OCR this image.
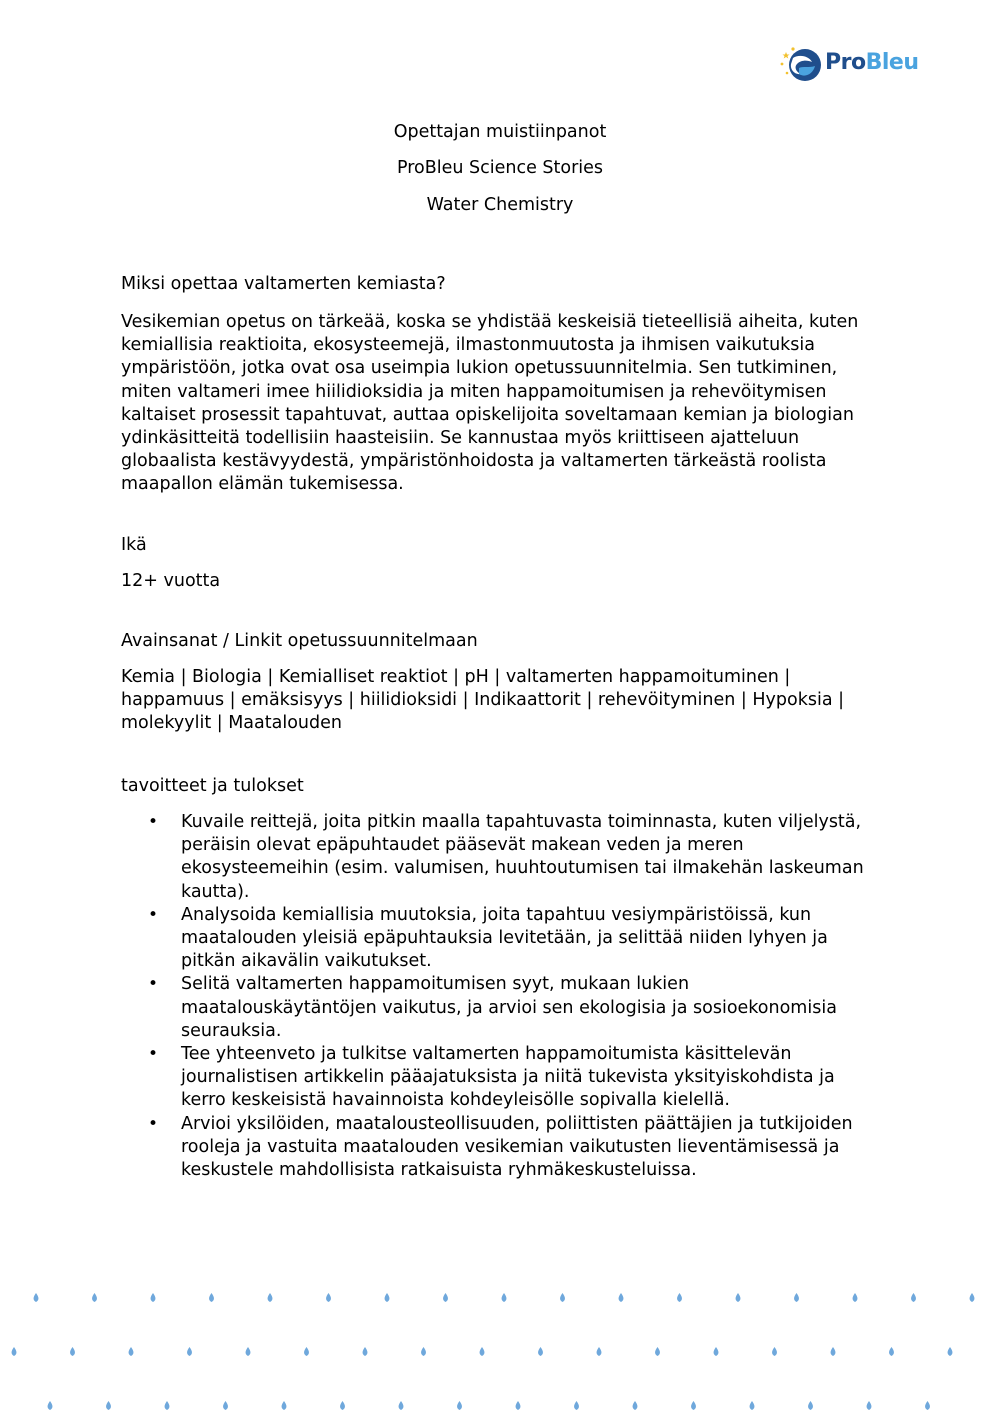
ProBleu
Opettajan muistiinpanot
ProBleu Science Stories
Water Chemistry

Miksi opettaa valtamerten kemiasta?

Vesikemian opetus on tärkeää, koska se yhdistää keskeisiä tieteellisiä aiheita, kuten kemiallisia reaktioita, ekosysteemejä, ilmastonmuutosta ja ihmisen vaikutuksia ympäristöön, jotka ovat osa useimpia lukion opetussuunnitelmia. Sen tutkiminen, miten valtameri imee hiilidioksidia ja miten happamoitumisen ja rehevöitymisen kaltaiset prosessit tapahtuvat, auttaa opiskelijoita soveltamaan kemian ja biologian ydinkäsitteitä todellisiin haasteisiin. Se kannustaa myös kriittiseen ajatteluun globaalista kestävyydestä, ympäristönhoidosta ja valtamerten tärkeästä roolista maapallon elämän tukemisessa.

Ikä

12+ vuotta

Avainsanat / Linkit opetussuunnitelmaan

Kemia | Biologia | Kemialliset reaktiot | pH | valtamerten happamoituminen | happamuus | emäksisyys | hiilidioksidi | Indikaattorit | rehevöityminen | Hypoksia | molekyylit | Maatalouden

tavoitteet ja tulokset

• Kuvaile reittejä, joita pitkin maalla tapahtuvasta toiminnasta, kuten viljelystä, peräisin olevat epäpuhtaudet pääsevät makean veden ja meren ekosysteemeihin (esim. valumisen, huuhtoutumisen tai ilmakehän laskeuman kautta).
• Analysoida kemiallisia muutoksia, joita tapahtuu vesiympäristöissä, kun maatalouden yleisiä epäpuhtauksia levitetään, ja selittää niiden lyhyen ja pitkän aikavälin vaikutukset.
• Selitä valtamerten happamoitumisen syyt, mukaan lukien maatalouskäytäntöjen vaikutus, ja arvioi sen ekologisia ja sosioekonomisia seurauksia.
• Tee yhteenveto ja tulkitse valtamerten happamoitumista käsittelevän journalistisen artikkelin pääajatuksista ja niitä tukevista yksityiskohdista ja kerro keskeisistä havainnoista kohdeyleisölle sopivalla kielellä.
• Arvioi yksilöiden, maatalousteollisuuden, poliittisten päättäjien ja tutkijoiden rooleja ja vastuita maatalouden vesikemian vaikutusten lieventämisessä ja keskustele mahdollisista ratkaisuista ryhmäkeskusteluissa.
